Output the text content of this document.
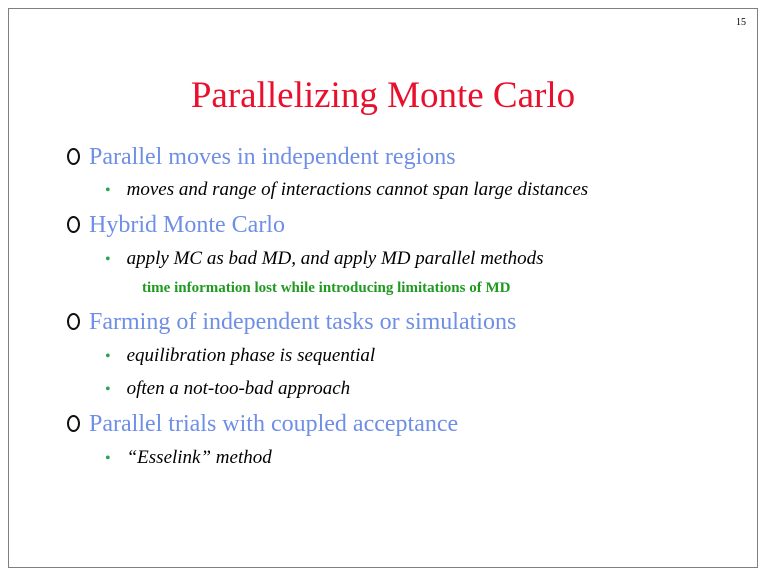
15
Parallelizing Monte Carlo
Parallel moves in independent regions
• moves and range of interactions cannot span large distances
Hybrid Monte Carlo
• apply MC as bad MD, and apply MD parallel methods
time information lost while introducing limitations of MD
Farming of independent tasks or simulations
• equilibration phase is sequential
• often a not-too-bad approach
Parallel trials with coupled acceptance
• “Esselink” method
